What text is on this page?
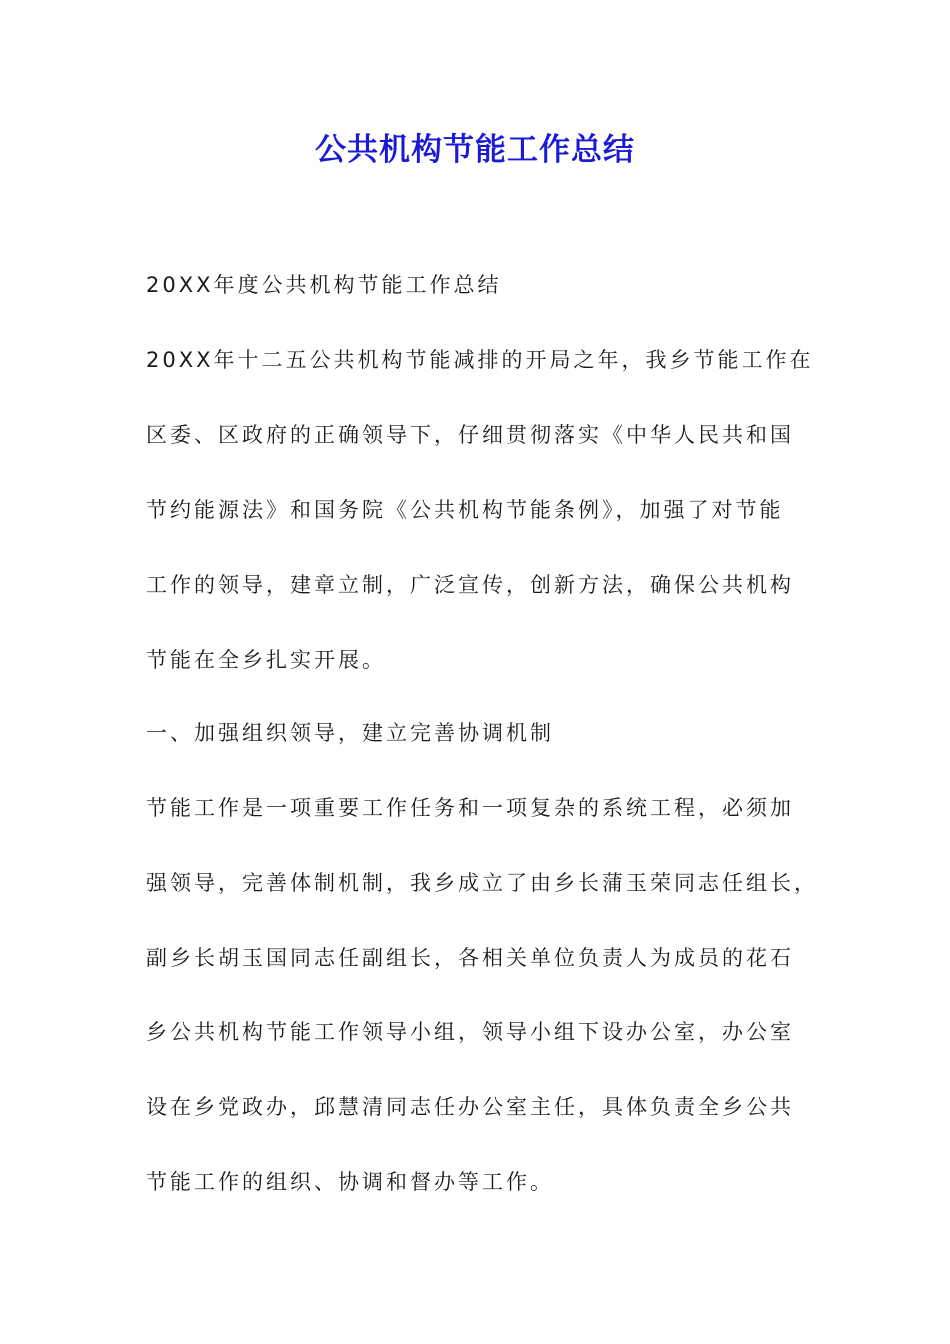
公共机构节能工作总结
20XX年度公共机构节能工作总结
20XX年十二五公共机构节能减排的开局之年，我乡节能工作在
区委、区政府的正确领导下，仔细贯彻落实《中华人民共和国
节约能源法》和国务院《公共机构节能条例》，加强了对节能
工作的领导，建章立制，广泛宣传，创新方法，确保公共机构
节能在全乡扎实开展。
一、加强组织领导，建立完善协调机制
节能工作是一项重要工作任务和一项复杂的系统工程，必须加
强领导，完善体制机制，我乡成立了由乡长蒲玉荣同志任组长，
副乡长胡玉国同志任副组长，各相关单位负责人为成员的花石
乡公共机构节能工作领导小组，领导小组下设办公室，办公室
设在乡党政办，邱慧清同志任办公室主任，具体负责全乡公共
节能工作的组织、协调和督办等工作。
